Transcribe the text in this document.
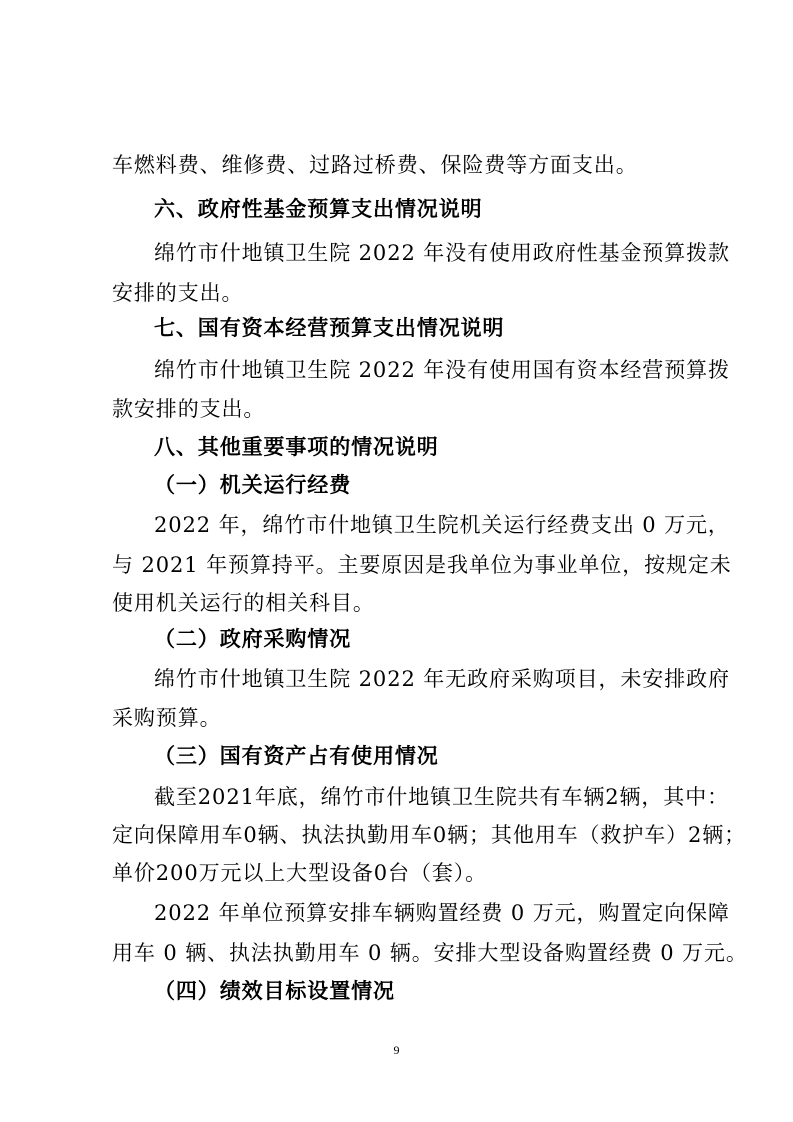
车燃料费、维修费、过路过桥费、保险费等方面支出。
六、政府性基金预算支出情况说明
绵竹市什地镇卫生院 2022 年没有使用政府性基金预算拨款
安排的支出。
七、国有资本经营预算支出情况说明
绵竹市什地镇卫生院 2022 年没有使用国有资本经营预算拨
款安排的支出。
八、其他重要事项的情况说明
（一）机关运行经费
2022 年，绵竹市什地镇卫生院机关运行经费支出 0 万元，
与 2021 年预算持平。主要原因是我单位为事业单位，按规定未
使用机关运行的相关科目。
（二）政府采购情况
绵竹市什地镇卫生院 2022 年无政府采购项目，未安排政府
采购预算。
（三）国有资产占有使用情况
截至2021年底，绵竹市什地镇卫生院共有车辆2辆，其中：
定向保障用车0辆、执法执勤用车0辆；其他用车（救护车）2辆；
单价200万元以上大型设备0台（套）。
2022 年单位预算安排车辆购置经费 0 万元，购置定向保障
用车 0 辆、执法执勤用车 0 辆。安排大型设备购置经费 0 万元。
（四）绩效目标设置情况
9
